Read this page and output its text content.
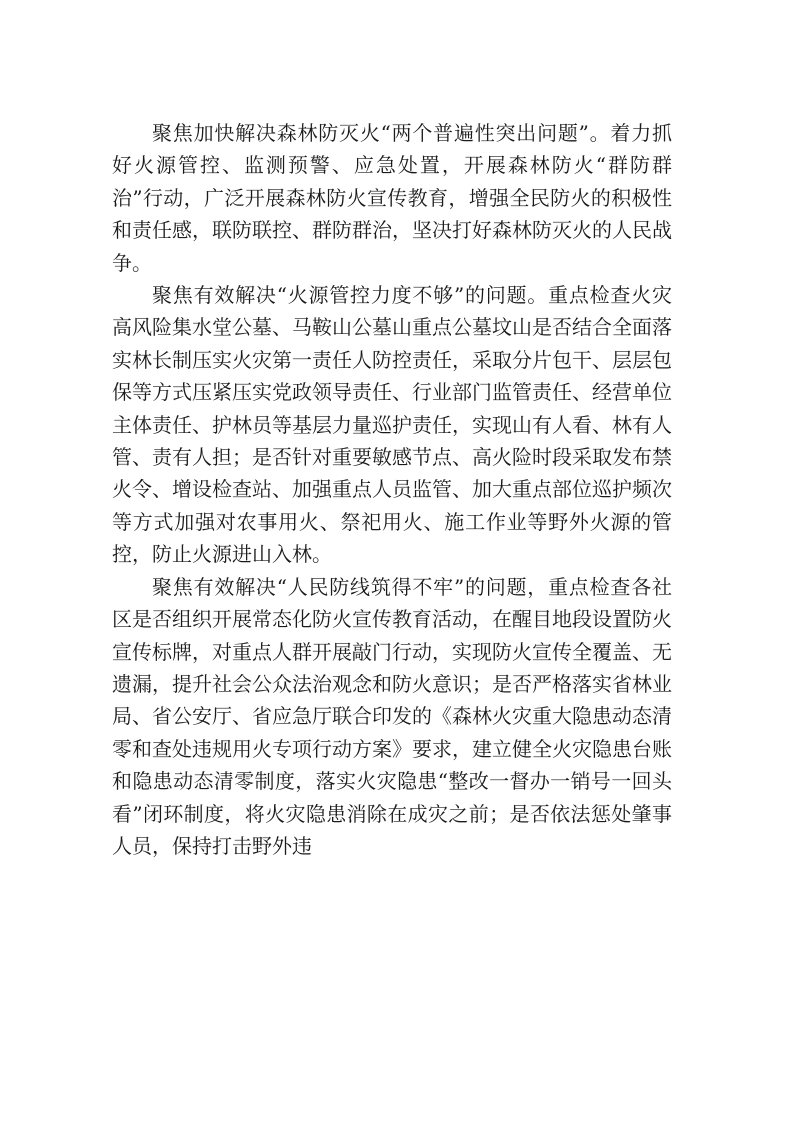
聚焦加快解决森林防灭火“两个普遍性突出问题”。着力抓好火源管控、监测预警、应急处置，开展森林防火“群防群治”行动，广泛开展森林防火宣传教育，增强全民防火的积极性和责任感，联防联控、群防群治，坚决打好森林防灭火的人民战争。

聚焦有效解决“火源管控力度不够”的问题。重点检查火灾高风险集水堂公墓、马鞍山公墓山重点公墓坟山是否结合全面落实林长制压实火灾第一责任人防控责任，采取分片包干、层层包保等方式压紧压实党政领导责任、行业部门监管责任、经营单位主体责任、护林员等基层力量巡护责任，实现山有人看、林有人管、责有人担；是否针对重要敏感节点、高火险时段采取发布禁火令、增设检查站、加强重点人员监管、加大重点部位巡护频次等方式加强对农事用火、祭祀用火、施工作业等野外火源的管控，防止火源进山入林。

聚焦有效解决“人民防线筑得不牢”的问题，重点检查各社区是否组织开展常态化防火宣传教育活动，在醒目地段设置防火宣传标牌，对重点人群开展敲门行动，实现防火宣传全覆盖、无遗漏，提升社会公众法治观念和防火意识；是否严格落实省林业局、省公安厅、省应急厅联合印发的《森林火灾重大隐患动态清零和查处违规用火专项行动方案》要求，建立健全火灾隐患台账和隐患动态清零制度，落实火灾隐患“整改一督办一销号一回头看”闭环制度，将火灾隐患消除在成灾之前；是否依法惩处肇事人员，保持打击野外违
